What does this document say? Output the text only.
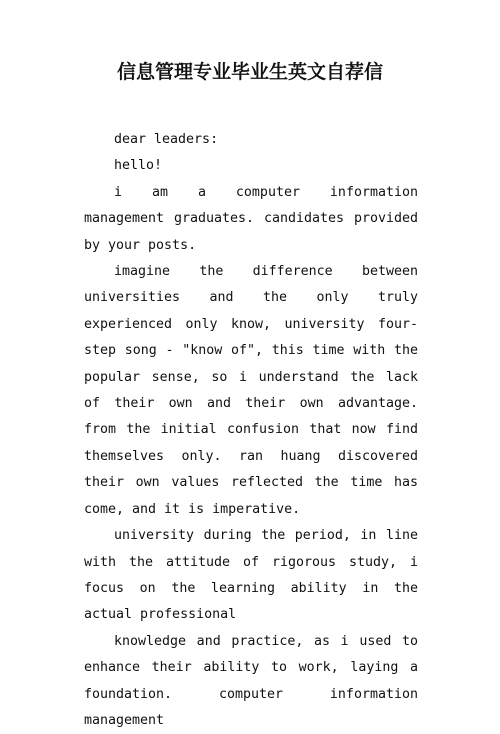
信息管理专业毕业生英文自荐信

dear leaders:

hello!

i am a computer information management graduates. candidates provided by your posts.

imagine the difference between universities and the only truly experienced only know, university four-step song - "know of", this time with the popular sense, so i understand the lack of their own and their own advantage. from the initial confusion that now find themselves only. ran huang discovered their own values reflected the time has come, and it is imperative.

university during the period, in line with the attitude of rigorous study, i focus on the learning ability in the actual professional

knowledge and practice, as i used to enhance their ability to work, laying a foundation. computer information management
